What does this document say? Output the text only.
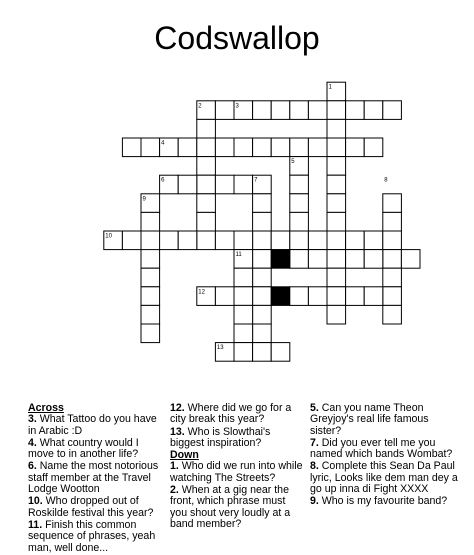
Codswallop
1
2	3
4
5
6	7	8
9
10
11
12
13
Across
3. What Tattoo do you have in Arabic :D
4. What country would I move to in another life?
6. Name the most notorious staff member at the Travel Lodge Wootton
10. Who dropped out of Roskilde festival this year?
11. Finish this common sequence of phrases, yeah man, well done...
12. Where did we go for a city break this year?
13. Who is Slowthai's biggest inspiration?
Down
1. Who did we run into while watching The Streets?
2. When at a gig near the front, which phrase must you shout very loudly at a band member?
5. Can you name Theon Greyjoy's real life famous sister?
7. Did you ever tell me you named which bands Wombat?
8. Complete this Sean Da Paul lyric, Looks like dem man dey a go up inna di Fight XXXX
9. Who is my favourite band?
